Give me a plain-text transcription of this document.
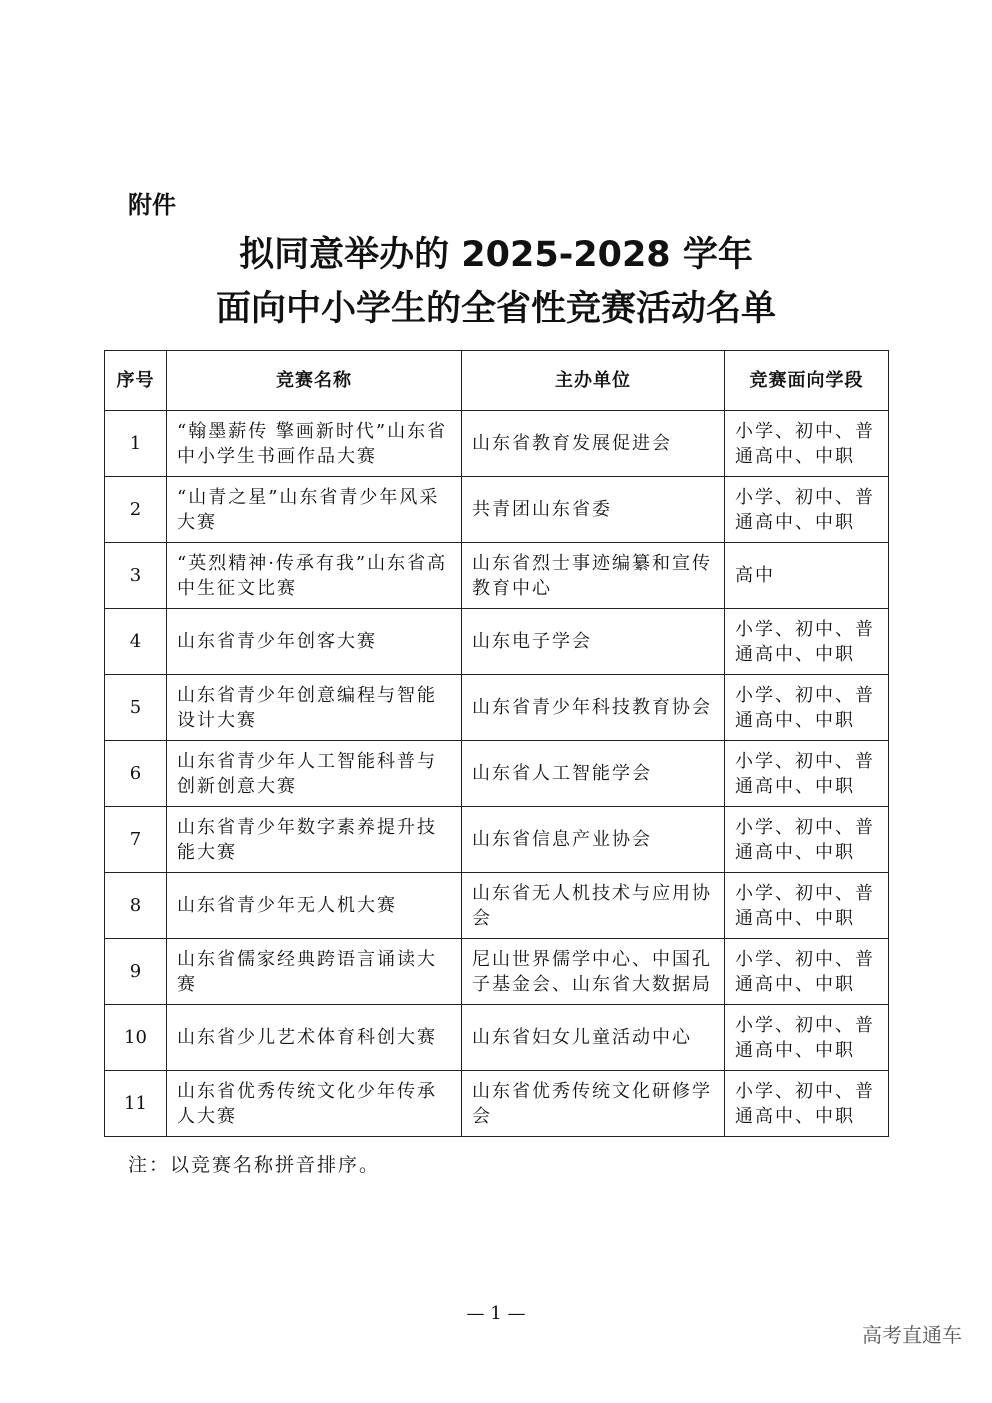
附件
拟同意举办的 2025-2028 学年
面向中小学生的全省性竞赛活动名单
序号	竞赛名称	主办单位	竞赛面向学段
1	“翰墨薪传 擎画新时代”山东省中小学生书画作品大赛	山东省教育发展促进会	小学、初中、普通高中、中职
2	“山青之星”山东省青少年风采大赛	共青团山东省委	小学、初中、普通高中、中职
3	“英烈精神·传承有我”山东省高中生征文比赛	山东省烈士事迹编纂和宣传教育中心	高中
4	山东省青少年创客大赛	山东电子学会	小学、初中、普通高中、中职
5	山东省青少年创意编程与智能设计大赛	山东省青少年科技教育协会	小学、初中、普通高中、中职
6	山东省青少年人工智能科普与创新创意大赛	山东省人工智能学会	小学、初中、普通高中、中职
7	山东省青少年数字素养提升技能大赛	山东省信息产业协会	小学、初中、普通高中、中职
8	山东省青少年无人机大赛	山东省无人机技术与应用协会	小学、初中、普通高中、中职
9	山东省儒家经典跨语言诵读大赛	尼山世界儒学中心、中国孔子基金会、山东省大数据局	小学、初中、普通高中、中职
10	山东省少儿艺术体育科创大赛	山东省妇女儿童活动中心	小学、初中、普通高中、中职
11	山东省优秀传统文化少年传承人大赛	山东省优秀传统文化研修学会	小学、初中、普通高中、中职
注：以竞赛名称拼音排序。
— 1 —
高考直通车
